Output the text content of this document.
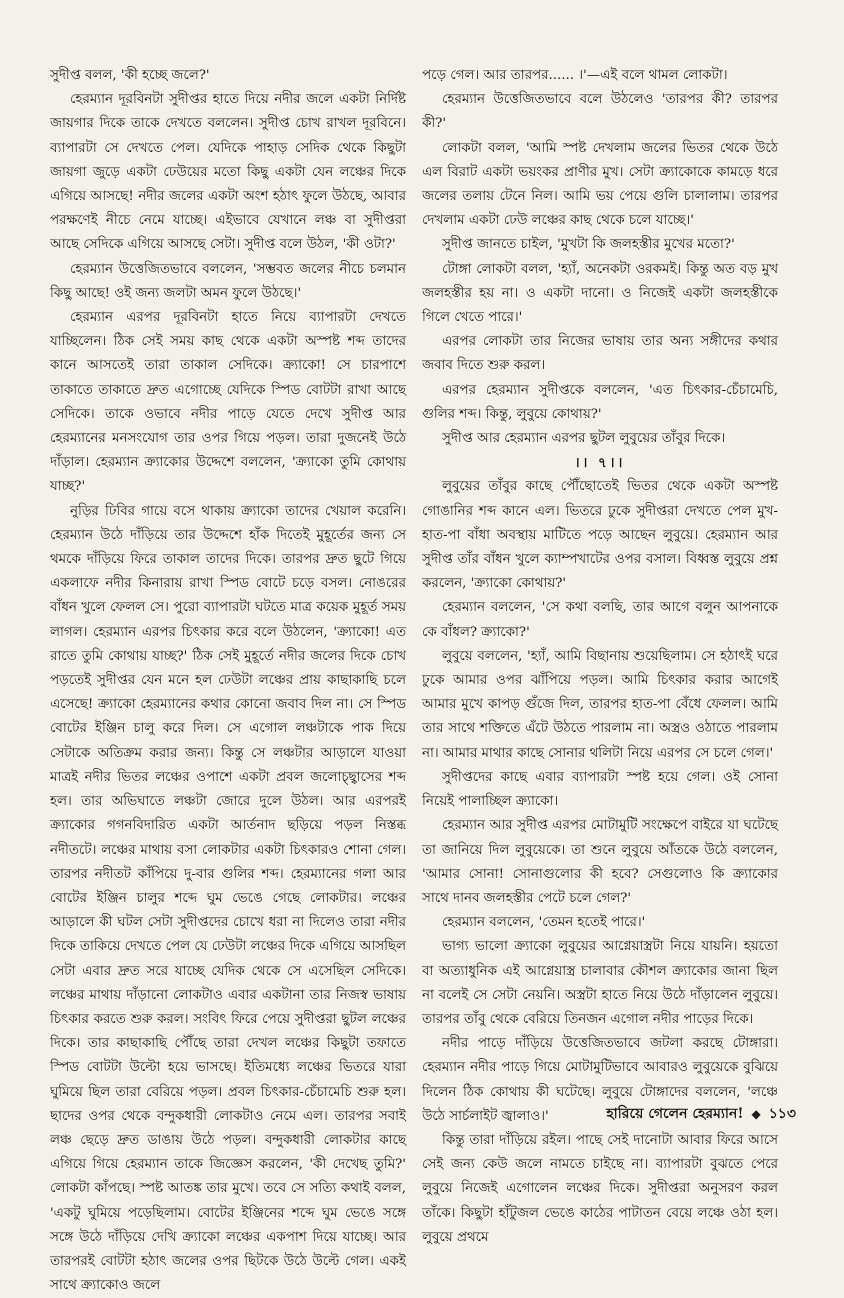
সুদীপ্ত বলল, 'কী হচ্ছে জলে?'

হেরম্যান দূরবিনটা সুদীপ্তর হাতে দিয়ে নদীর জলে একটা নির্দিষ্ট জায়গার দিকে তাকে দেখতে বললেন। সুদীপ্ত চোখ রাখল দূরবিনে। ব্যাপারটা সে দেখতে পেল। যেদিকে পাহাড় সেদিক থেকে কিছুটা জায়গা জুড়ে একটা ঢেউয়ের মতো কিছু একটা যেন লঞ্চের দিকে এগিয়ে আসছে! নদীর জলের একটা অংশ হঠাৎ ফুলে উঠছে, আবার পরক্ষণেই নীচে নেমে যাচ্ছে। এইভাবে যেখানে লঞ্চ বা সুদীপ্তরা আছে সেদিকে এগিয়ে আসছে সেটা। সুদীপ্ত বলে উঠল, 'কী ওটা?'

হেরম্যান উত্তেজিতভাবে বললেন, 'সম্ভবত জলের নীচে চলমান কিছু আছে! ওই জন্য জলটা অমন ফুলে উঠছে।'

হেরম্যান এরপর দূরবিনটা হাতে নিয়ে ব্যাপারটা দেখতে যাচ্ছিলেন। ঠিক সেই সময় কাছ থেকে একটা অস্পষ্ট শব্দ তাদের কানে আসতেই তারা তাকাল সেদিকে। ক্র্যাকো! সে চারপাশে তাকাতে তাকাতে দ্রুত এগোচ্ছে যেদিকে স্পিড বোটটা রাখা আছে সেদিকে। তাকে ওভাবে নদীর পাড়ে যেতে দেখে সুদীপ্ত আর হেরম্যানের মনসংযোগ তার ওপর গিয়ে পড়ল। তারা দুজনেই উঠে দাঁড়াল। হেরম্যান ক্র্যাকোর উদ্দেশে বললেন, 'ক্র্যাকো তুমি কোথায় যাচ্ছ?'

নুড়ির ঢিবির গায়ে বসে থাকায় ক্র্যাকো তাদের খেয়াল করেনি। হেরম্যান উঠে দাঁড়িয়ে তার উদ্দেশে হাঁক দিতেই মুহূর্তের জন্য সে থমকে দাঁড়িয়ে ফিরে তাকাল তাদের দিকে। তারপর দ্রুত ছুটে গিয়ে একলাফে নদীর কিনারায় রাখা স্পিড বোটে চড়ে বসল। নোঙরের বাঁধন খুলে ফেলল সে। পুরো ব্যাপারটা ঘটতে মাত্র কয়েক মুহূর্ত সময় লাগল। হেরম্যান এরপর চিৎকার করে বলে উঠলেন, 'ক্র্যাকো! এত রাতে তুমি কোথায় যাচ্ছ?' ঠিক সেই মুহূর্তে নদীর জলের দিকে চোখ পড়তেই সুদীপ্তর যেন মনে হল ঢেউটা লঞ্চের প্রায় কাছাকাছি চলে এসেছে! ক্র্যাকো হেরম্যানের কথার কোনো জবাব দিল না। সে স্পিড বোটের ইঞ্জিন চালু করে দিল। সে এগোল লঞ্চটাকে পাক দিয়ে সেটাকে অতিক্রম করার জন্য। কিন্তু সে লঞ্চটার আড়ালে যাওয়া মাত্রই নদীর ভিতর লঞ্চের ওপাশে একটা প্রবল জলোচ্ছ্বাসের শব্দ হল। তার অভিঘাতে লঞ্চটা জোরে দুলে উঠল। আর এরপরই ক্র্যাকোর গগনবিদারিত একটা আর্তনাদ ছড়িয়ে পড়ল নিস্তব্ধ নদীতটে। লঞ্চের মাথায় বসা লোকটার একটা চিৎকারও শোনা গেল। তারপর নদীতট কাঁপিয়ে দু-বার গুলির শব্দ। হেরম্যানের গলা আর বোটের ইঞ্জিন চালুর শব্দে ঘুম ভেঙে গেছে লোকটার। লঞ্চের আড়ালে কী ঘটল সেটা সুদীপ্তদের চোখে ধরা না দিলেও তারা নদীর দিকে তাকিয়ে দেখতে পেল যে ঢেউটা লঞ্চের দিকে এগিয়ে আসছিল সেটা এবার দ্রুত সরে যাচ্ছে যেদিক থেকে সে এসেছিল সেদিকে। লঞ্চের মাথায় দাঁড়ানো লোকটাও এবার একটানা তার নিজস্ব ভাষায় চিৎকার করতে শুরু করল। সংবিৎ ফিরে পেয়ে সুদীপ্তরা ছুটল লঞ্চের দিকে। তার কাছাকাছি পৌঁছে তারা দেখল লঞ্চের কিছুটা তফাতে স্পিড বোটটা উল্টো হয়ে ভাসছে। ইতিমধ্যে লঞ্চের ভিতরে যারা ঘুমিয়ে ছিল তারা বেরিয়ে পড়ল। প্রবল চিৎকার-চেঁচামেচি শুরু হল। ছাদের ওপর থেকে বন্দুকধারী লোকটাও নেমে এল। তারপর সবাই লঞ্চ ছেড়ে দ্রুত ডাঙায় উঠে পড়ল। বন্দুকধারী লোকটার কাছে এগিয়ে গিয়ে হেরম্যান তাকে জিজ্ঞেস করলেন, 'কী দেখেছ তুমি?' লোকটা কাঁপছে। স্পষ্ট আতঙ্ক তার মুখে। তবে সে সত্যি কথাই বলল, 'একটু ঘুমিয়ে পড়েছিলাম। বোটের ইঞ্জিনের শব্দে ঘুম ভেঙে সঙ্গে সঙ্গে উঠে দাঁড়িয়ে দেখি ক্র্যাকো লঞ্চের একপাশ দিয়ে যাচ্ছে। আর তারপরই বোটটা হঠাৎ জলের ওপর ছিটকে উঠে উল্টে গেল। একই সাথে ক্র্যাকোও জলে

পড়ে গেল। আর তারপর...... ।'—এই বলে থামল লোকটা।

হেরম্যান উত্তেজিতভাবে বলে উঠলেও 'তারপর কী? তারপর কী?'

লোকটা বলল, 'আমি স্পষ্ট দেখলাম জলের ভিতর থেকে উঠে এল বিরাট একটা ভয়ংকর প্রাণীর মুখ। সেটা ক্র্যাকোকে কামড়ে ধরে জলের তলায় টেনে নিল। আমি ভয় পেয়ে গুলি চালালাম। তারপর দেখলাম একটা ঢেউ লঞ্চের কাছ থেকে চলে যাচ্ছে।'

সুদীপ্ত জানতে চাইল, 'মুখটা কি জলহস্তীর মুখের মতো?'

টোঙ্গা লোকটা বলল, 'হ্যাঁ, অনেকটা ওরকমই। কিন্তু অত বড় মুখ জলহস্তীর হয় না। ও একটা দানো। ও নিজেই একটা জলহস্তীকে গিলে খেতে পারে।'

এরপর লোকটা তার নিজের ভাষায় তার অন্য সঙ্গীদের কথার জবাব দিতে শুরু করল।

এরপর হেরম্যান সুদীপ্তকে বললেন, 'এত চিৎকার-চেঁচামেচি, গুলির শব্দ। কিন্তু, লুবুয়ে কোথায়?'

সুদীপ্ত আর হেরম্যান এরপর ছুটল লুবুয়ের তাঁবুর দিকে।

।। ৭।।

লুবুয়ের তাঁবুর কাছে পৌঁছোতেই ভিতর থেকে একটা অস্পষ্ট গোঙানির শব্দ কানে এল। ভিতরে ঢুকে সুদীপ্তরা দেখতে পেল মুখ-হাত-পা বাঁধা অবস্থায় মাটিতে পড়ে আছেন লুবুয়ে। হেরম্যান আর সুদীপ্ত তাঁর বাঁধন খুলে ক্যাম্পখাটের ওপর বসাল। বিধ্বস্ত লুবুয়ে প্রশ্ন করলেন, 'ক্র্যাকো কোথায়?'

হেরম্যান বললেন, 'সে কথা বলছি, তার আগে বলুন আপনাকে কে বাঁধল? ক্র্যাকো?'

লুবুয়ে বললেন, 'হ্যাঁ, আমি বিছানায় শুয়েছিলাম। সে হঠাৎই ঘরে ঢুকে আমার ওপর ঝাঁপিয়ে পড়ল। আমি চিৎকার করার আগেই আমার মুখে কাপড় গুঁজে দিল, তারপর হাত-পা বেঁধে ফেলল। আমি তার সাথে শক্তিতে এঁটে উঠতে পারলাম না। অস্ত্রও ওঠাতে পারলাম না। আমার মাথার কাছে সোনার থলিটা নিয়ে এরপর সে চলে গেল।'

সুদীপ্তদের কাছে এবার ব্যাপারটা স্পষ্ট হয়ে গেল। ওই সোনা নিয়েই পালাচ্ছিল ক্র্যাকো।

হেরম্যান আর সুদীপ্ত এরপর মোটামুটি সংক্ষেপে বাইরে যা ঘটেছে তা জানিয়ে দিল লুবুয়েকে। তা শুনে লুবুয়ে আঁতকে উঠে বললেন, 'আমার সোনা! সোনাগুলোর কী হবে? সেগুলোও কি ক্র্যাকোর সাথে দানব জলহস্তীর পেটে চলে গেল?'

হেরম্যান বললেন, 'তেমন হতেই পারে।'

ভাগ্য ভালো ক্র্যাকো লুবুয়ের আগ্নেয়াস্ত্রটা নিয়ে যায়নি। হয়তো বা অত্যাধুনিক এই আগ্নেয়াস্ত্র চালাবার কৌশল ক্র্যাকোর জানা ছিল না বলেই সে সেটা নেয়নি। অস্ত্রটা হাতে নিয়ে উঠে দাঁড়ালেন লুবুয়ে। তারপর তাঁবু থেকে বেরিয়ে তিনজন এগোল নদীর পাড়ের দিকে।

নদীর পাড়ে দাঁড়িয়ে উত্তেজিতভাবে জটলা করছে টোঙ্গারা। হেরম্যান নদীর পাড়ে গিয়ে মোটামুটিভাবে আবারও লুবুয়েকে বুঝিয়ে দিলেন ঠিক কোথায় কী ঘটেছে। লুবুয়ে টোঙ্গাদের বললেন, 'লঞ্চে উঠে সার্চলাইট জ্বালাও।'

কিন্তু তারা দাঁড়িয়ে রইল। পাছে সেই দানোটা আবার ফিরে আসে সেই জন্য কেউ জলে নামতে চাইছে না। ব্যাপারটা বুঝতে পেরে লুবুয়ে নিজেই এগোলেন লঞ্চের দিকে। সুদীপ্তরা অনুসরণ করল তাঁকে। কিছুটা হাঁটুজল ভেঙে কাঠের পাটাতন বেয়ে লঞ্চে ওঠা হল। লুবুয়ে প্রথমে

হারিয়ে গেলেন হেরম্যান! ◆ ১১৩
